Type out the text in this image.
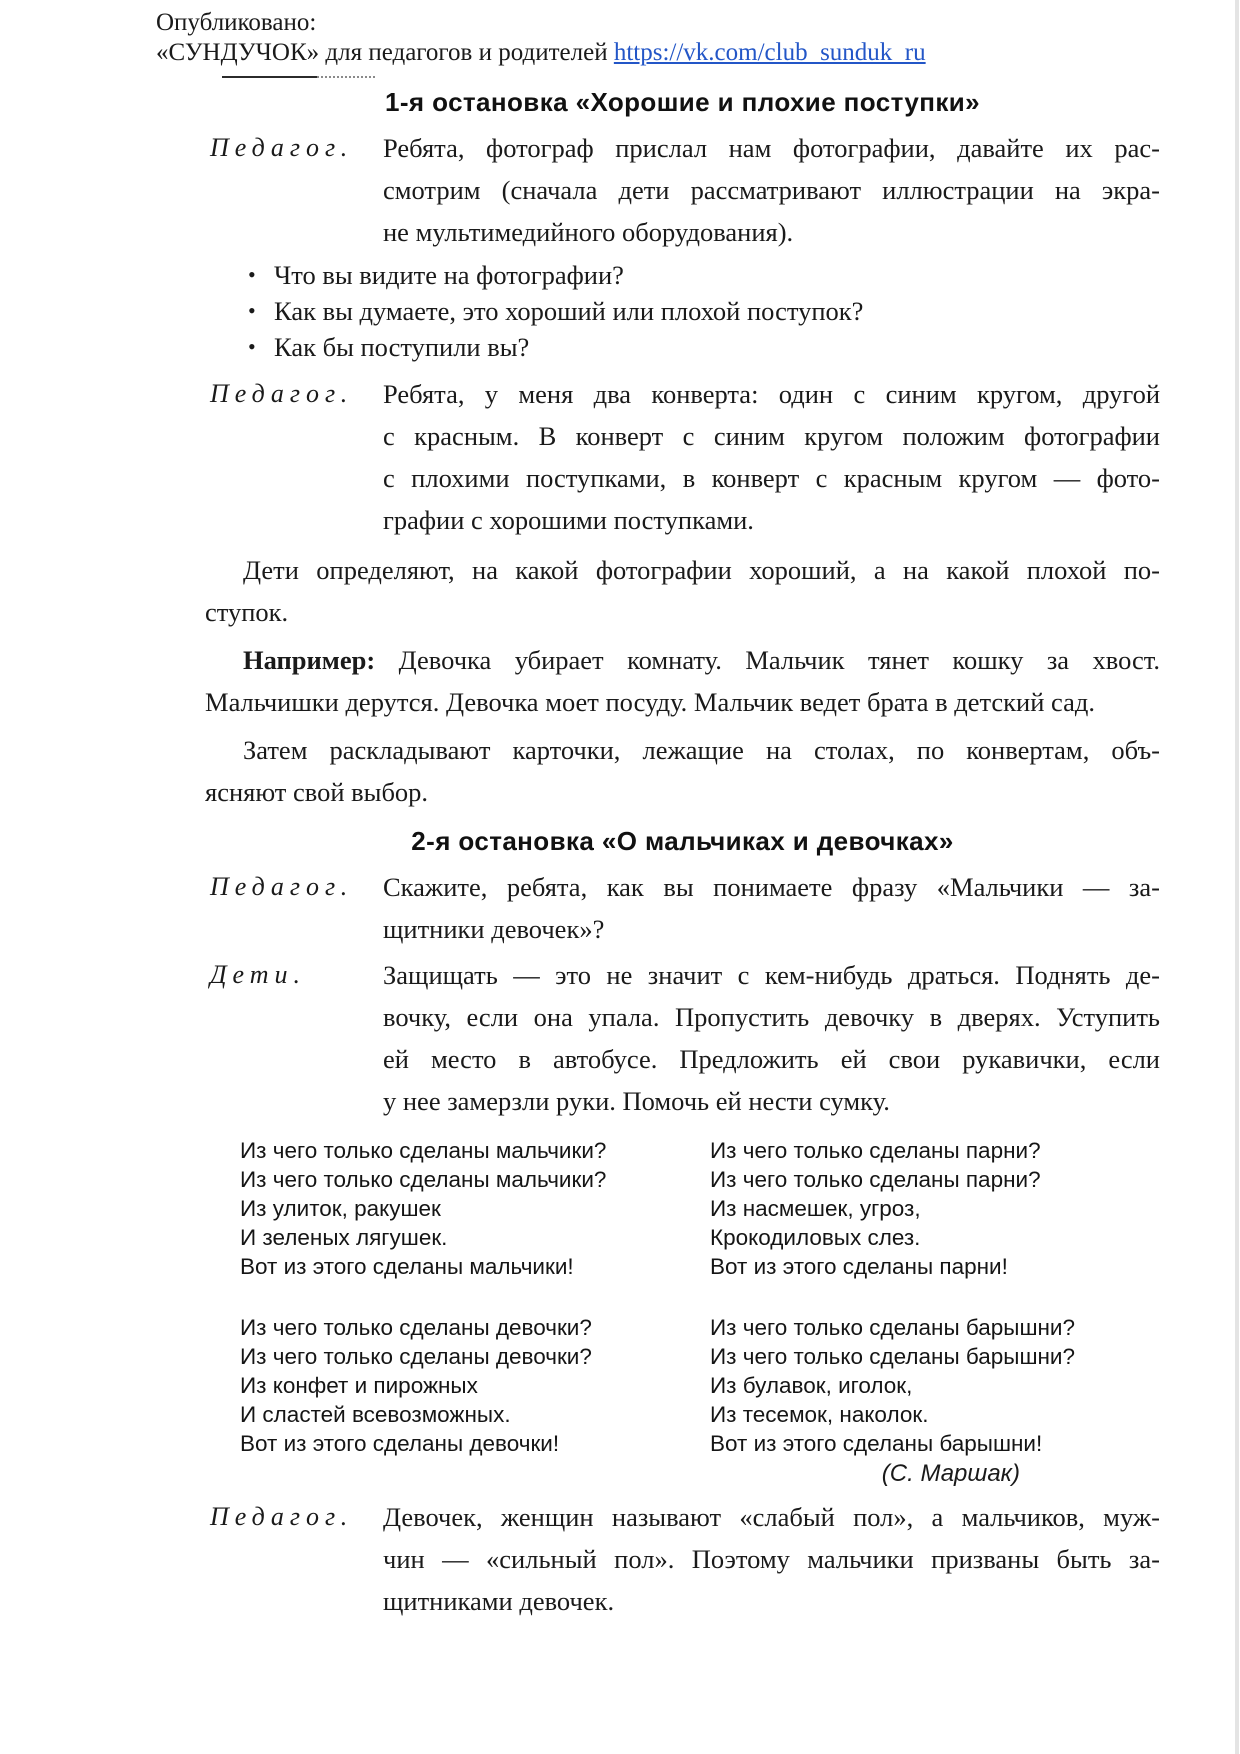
Опубликовано:
«СУНДУЧОК» для педагогов и родителей https://vk.com/club_sunduk_ru
1-я остановка «Хорошие и плохие поступки»
Педагог.	Ребята, фотограф прислал нам фотографии, давайте их рас-
смотрим (сначала дети рассматривают иллюстрации на экра-
не мультимедийного оборудования).
• Что вы видите на фотографии?
• Как вы думаете, это хороший или плохой поступок?
• Как бы поступили вы?
Педагог.	Ребята, у меня два конверта: один с синим кругом, другой
с красным. В конверт с синим кругом положим фотографии
с плохими поступками, в конверт с красным кругом — фото-
графии с хорошими поступками.
Дети определяют, на какой фотографии хороший, а на какой плохой по-
ступок.
Например: Девочка убирает комнату. Мальчик тянет кошку за хвост.
Мальчишки дерутся. Девочка моет посуду. Мальчик ведет брата в детский сад.
Затем раскладывают карточки, лежащие на столах, по конвертам, объ-
ясняют свой выбор.
2-я остановка «О мальчиках и девочках»
Педагог.	Скажите, ребята, как вы понимаете фразу «Мальчики — за-
щитники девочек»?
Дети.	Защищать — это не значит с кем-нибудь драться. Поднять де-
вочку, если она упала. Пропустить девочку в дверях. Уступить
ей место в автобусе. Предложить ей свои рукавички, если
у нее замерзли руки. Помочь ей нести сумку.
Из чего только сделаны мальчики?
Из чего только сделаны мальчики?
Из улиток, ракушек
И зеленых лягушек.
Вот из этого сделаны мальчики!
Из чего только сделаны девочки?
Из чего только сделаны девочки?
Из конфет и пирожных
И сластей всевозможных.
Вот из этого сделаны девочки!
Из чего только сделаны парни?
Из чего только сделаны парни?
Из насмешек, угроз,
Крокодиловых слез.
Вот из этого сделаны парни!
Из чего только сделаны барышни?
Из чего только сделаны барышни?
Из булавок, иголок,
Из тесемок, наколок.
Вот из этого сделаны барышни!
(С. Маршак)
Педагог.	Девочек, женщин называют «слабый пол», а мальчиков, муж-
чин — «сильный пол». Поэтому мальчики призваны быть за-
щитниками девочек.
